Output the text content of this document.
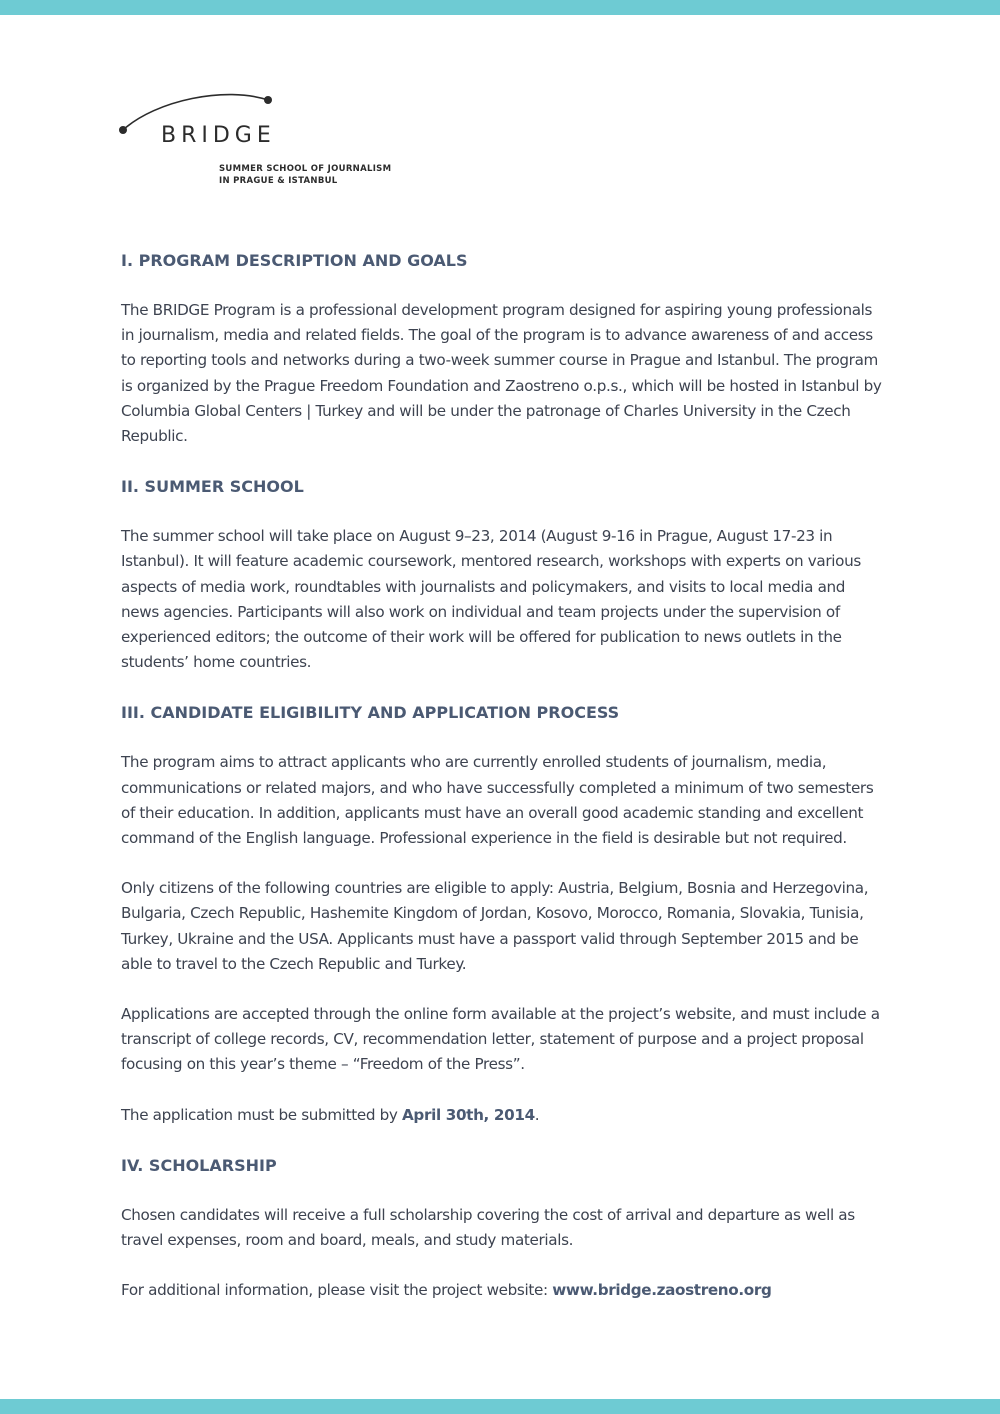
BRIDGE
SUMMER SCHOOL OF JOURNALISM
IN PRAGUE & ISTANBUL
I. PROGRAM DESCRIPTION AND GOALS

The BRIDGE Program is a professional development program designed for aspiring young professionals in journalism, media and related fields. The goal of the program is to advance awareness of and access to reporting tools and networks during a two-week summer course in Prague and Istanbul. The program is organized by the Prague Freedom Foundation and Zaostreno o.p.s., which will be hosted in Istanbul by Columbia Global Centers | Turkey and will be under the patronage of Charles University in the Czech Republic.

II. SUMMER SCHOOL

The summer school will take place on August 9–23, 2014 (August 9-16 in Prague, August 17-23 in Istanbul). It will feature academic coursework, mentored research, workshops with experts on various aspects of media work, roundtables with journalists and policymakers, and visits to local media and news agencies. Participants will also work on individual and team projects under the supervision of experienced editors; the outcome of their work will be offered for publication to news outlets in the students’ home countries.

III. CANDIDATE ELIGIBILITY AND APPLICATION PROCESS

The program aims to attract applicants who are currently enrolled students of journalism, media, communications or related majors, and who have successfully completed a minimum of two semesters of their education. In addition, applicants must have an overall good academic standing and excellent command of the English language. Professional experience in the field is desirable but not required.

Only citizens of the following countries are eligible to apply: Austria, Belgium, Bosnia and Herzegovina, Bulgaria, Czech Republic, Hashemite Kingdom of Jordan, Kosovo, Morocco, Romania, Slovakia, Tunisia, Turkey, Ukraine and the USA. Applicants must have a passport valid through September 2015 and be able to travel to the Czech Republic and Turkey.

Applications are accepted through the online form available at the project’s website, and must include a transcript of college records, CV, recommendation letter, statement of purpose and a project proposal focusing on this year’s theme – “Freedom of the Press”.

The application must be submitted by April 30th, 2014.

IV. SCHOLARSHIP

Chosen candidates will receive a full scholarship covering the cost of arrival and departure as well as travel expenses, room and board, meals, and study materials.

For additional information, please visit the project website: www.bridge.zaostreno.org
